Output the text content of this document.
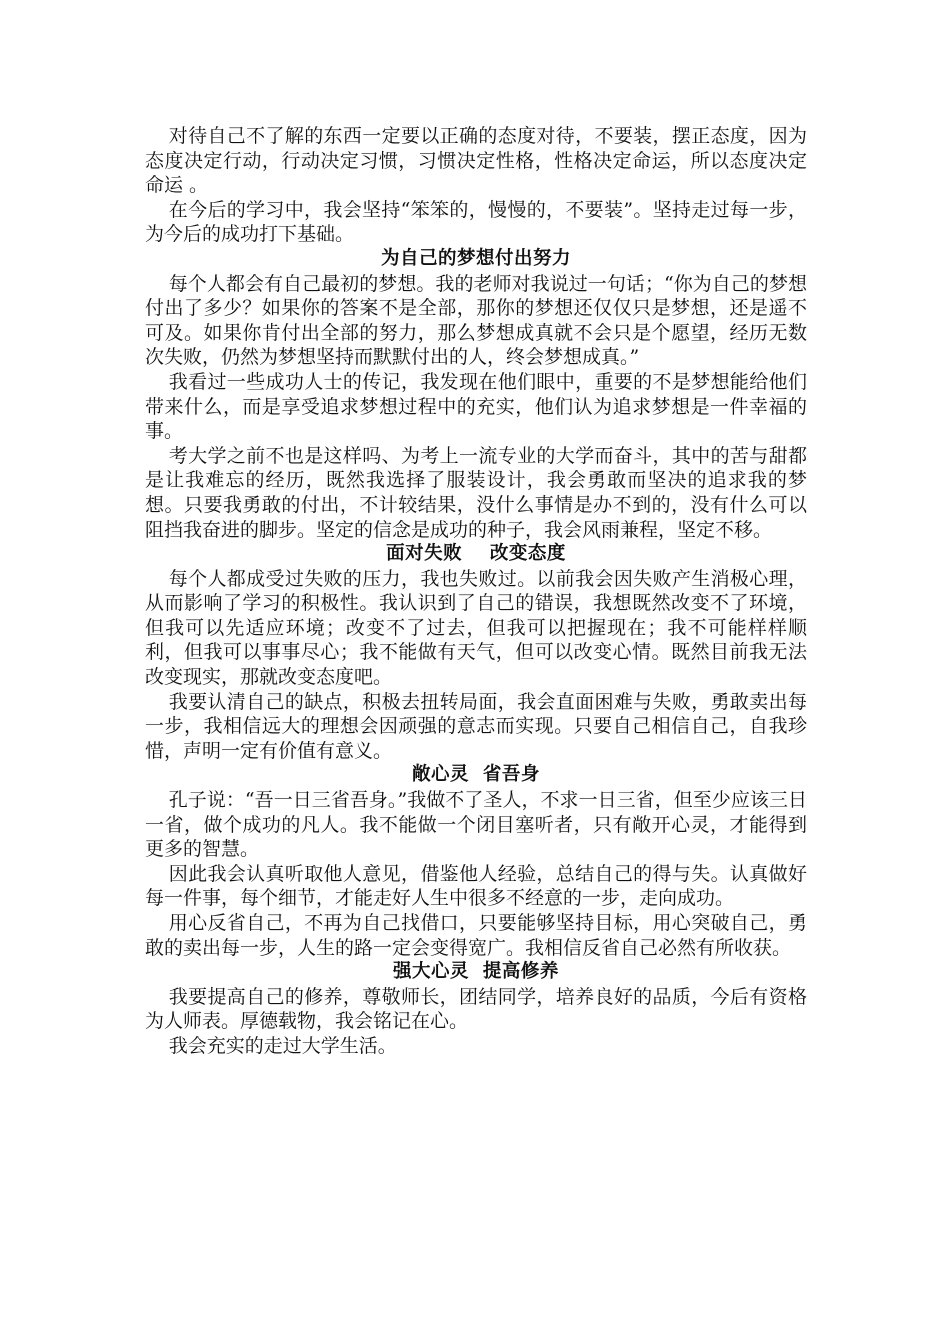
对待自己不了解的东西一定要以正确的态度对待，不要装，摆正态度，因为态度决定行动，行动决定习惯，习惯决定性格，性格决定命运，所以态度决定命运 。

在今后的学习中，我会坚持“笨笨的，慢慢的，不要装”。坚持走过每一步，为今后的成功打下基础。

为自己的梦想付出努力

每个人都会有自己最初的梦想。我的老师对我说过一句话；“你为自己的梦想付出了多少？如果你的答案不是全部，那你的梦想还仅仅只是梦想，还是遥不可及。如果你肯付出全部的努力，那么梦想成真就不会只是个愿望，经历无数次失败，仍然为梦想坚持而默默付出的人，终会梦想成真。”

我看过一些成功人士的传记，我发现在他们眼中，重要的不是梦想能给他们带来什么，而是享受追求梦想过程中的充实，他们认为追求梦想是一件幸福的事。

考大学之前不也是这样吗、为考上一流专业的大学而奋斗，其中的苦与甜都是让我难忘的经历，既然我选择了服装设计，我会勇敢而坚决的追求我的梦想。只要我勇敢的付出，不计较结果，没什么事情是办不到的，没有什么可以阻挡我奋进的脚步。坚定的信念是成功的种子，我会风雨兼程，坚定不移。

面对失败    改变态度

每个人都成受过失败的压力，我也失败过。以前我会因失败产生消极心理，从而影响了学习的积极性。我认识到了自己的错误，我想既然改变不了环境，但我可以先适应环境；改变不了过去，但我可以把握现在；我不可能样样顺利，但我可以事事尽心；我不能做有天气，但可以改变心情。既然目前我无法改变现实，那就改变态度吧。

我要认清自己的缺点，积极去扭转局面，我会直面困难与失败，勇敢卖出每一步，我相信远大的理想会因顽强的意志而实现。只要自己相信自己，自我珍惜，声明一定有价值有意义。

敞心灵  省吾身

孔子说：“吾一日三省吾身。”我做不了圣人，不求一日三省，但至少应该三日一省，做个成功的凡人。我不能做一个闭目塞听者，只有敞开心灵，才能得到更多的智慧。

因此我会认真听取他人意见，借鉴他人经验，总结自己的得与失。认真做好每一件事，每个细节，才能走好人生中很多不经意的一步，走向成功。

用心反省自己，不再为自己找借口，只要能够坚持目标，用心突破自己，勇敢的卖出每一步，人生的路一定会变得宽广。我相信反省自己必然有所收获。

强大心灵  提高修养

我要提高自己的修养，尊敬师长，团结同学，培养良好的品质，今后有资格为人师表。厚德载物，我会铭记在心。

我会充实的走过大学生活。
